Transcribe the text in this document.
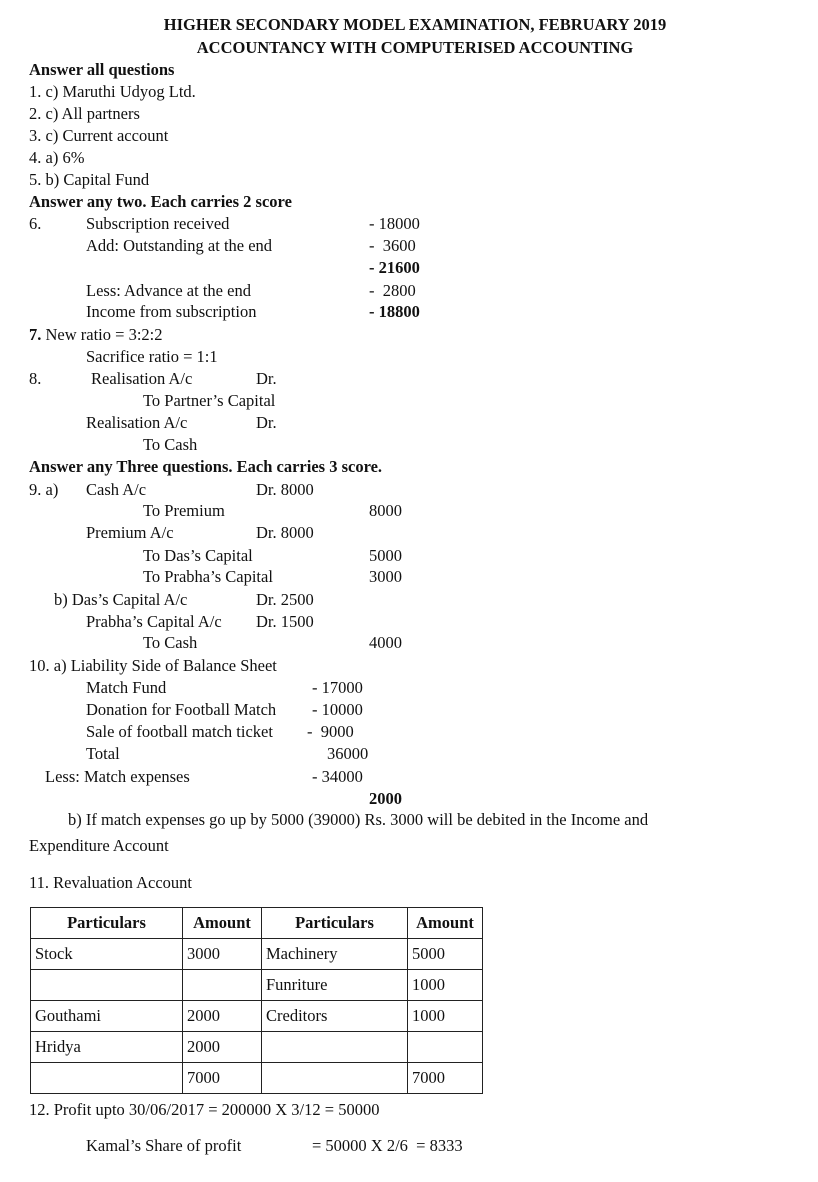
HIGHER SECONDARY MODEL EXAMINATION, FEBRUARY 2019
ACCOUNTANCY WITH COMPUTERISED ACCOUNTING
Answer all questions
1. c) Maruthi Udyog Ltd.
2. c) All partners
3. c) Current account
4. a) 6%
5. b) Capital Fund
Answer any two. Each carries 2 score
6.	Subscription received	- 18000
Add: Outstanding at the end	-  3600
- 21600
Less: Advance at the end	-  2800
Income from subscription	- 18800
7. New ratio = 3:2:2
Sacrifice ratio = 1:1
8.	Realisation A/c	Dr.
To Partner’s Capital
Realisation A/c	Dr.
To Cash
Answer any Three questions. Each carries 3 score.
9. a) Cash A/c	Dr. 8000
To Premium	8000
Premium A/c	Dr. 8000
To Das’s Capital	5000
To Prabha’s Capital	3000
b) Das’s Capital A/c	Dr. 2500
Prabha’s Capital A/c Dr. 1500
To Cash	4000
10. a) Liability Side of Balance Sheet
Match Fund	- 17000
Donation for Football Match - 10000
Sale of football match ticket -  9000
Total	36000
Less: Match expenses	- 34000
2000
b) If match expenses go up by 5000 (39000) Rs. 3000 will be debited in the Income and
Expenditure Account
11. Revaluation Account
Particulars	Amount	Particulars	Amount
Stock	3000	Machinery	5000
		Funriture	1000
Gouthami	2000	Creditors	1000
Hridya	2000		
	7000		7000
12. Profit upto 30/06/2017 = 200000 X 3/12 = 50000
Kamal’s Share of profit	= 50000 X 2/6  = 8333
